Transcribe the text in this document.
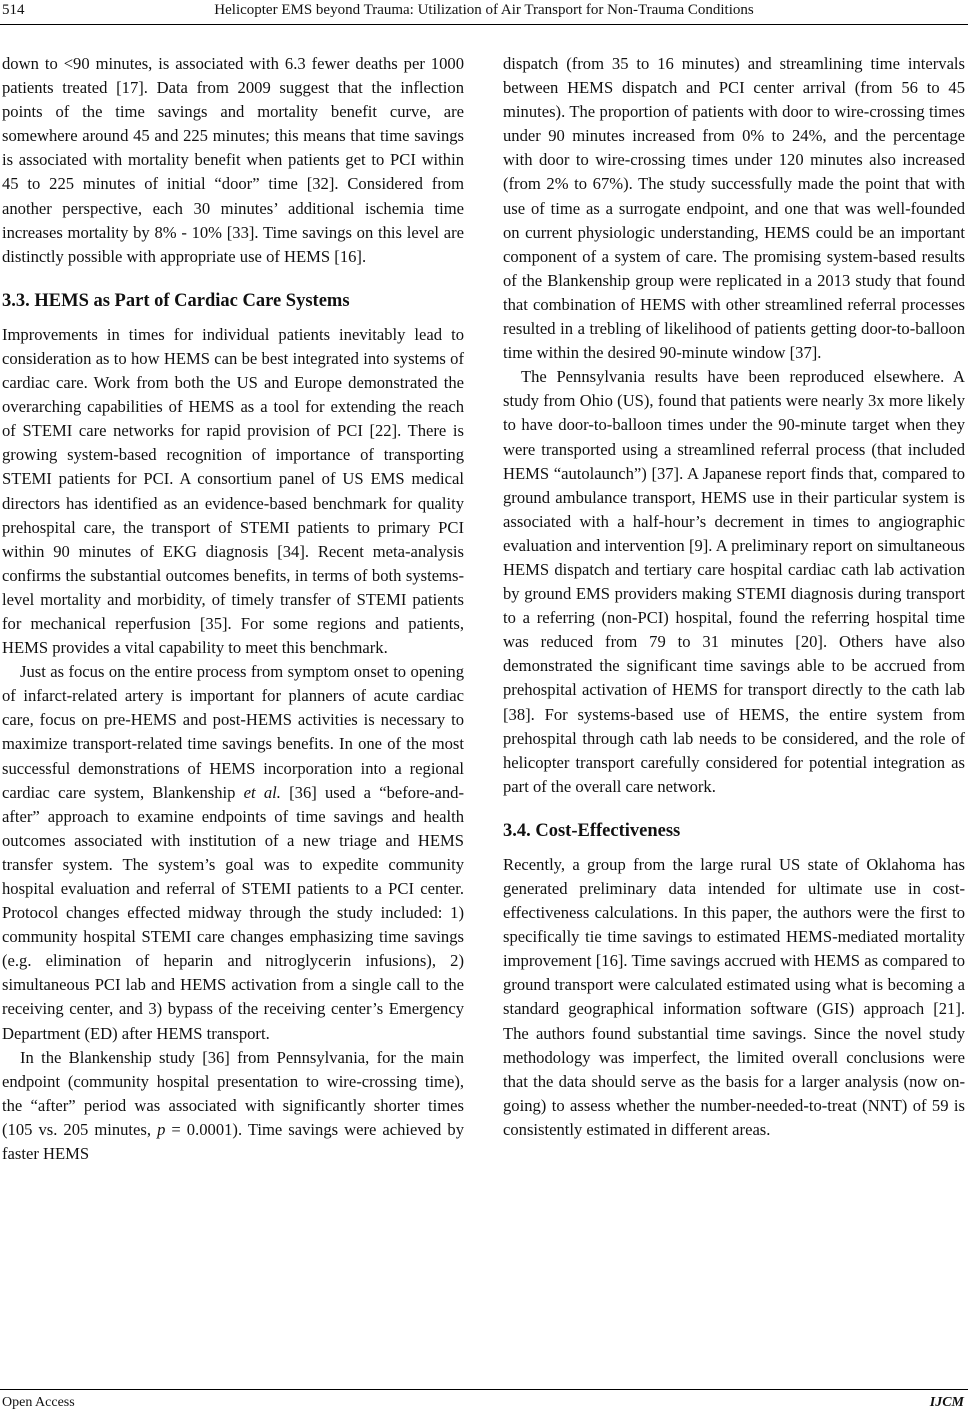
514	Helicopter EMS beyond Trauma: Utilization of Air Transport for Non-Trauma Conditions

down to <90 minutes, is associated with 6.3 fewer deaths per 1000 patients treated [17]. Data from 2009 suggest that the inflection points of the time savings and mortality benefit curve, are somewhere around 45 and 225 minutes; this means that time savings is associated with mortality benefit when patients get to PCI within 45 to 225 minutes of initial “door” time [32]. Considered from another perspective, each 30 minutes’ additional ischemia time increases mortality by 8% - 10% [33]. Time savings on this level are distinctly possible with appropriate use of HEMS [16].

3.3. HEMS as Part of Cardiac Care Systems

Improvements in times for individual patients inevitably lead to consideration as to how HEMS can be best integrated into systems of cardiac care. Work from both the US and Europe demonstrated the overarching capabilities of HEMS as a tool for extending the reach of STEMI care networks for rapid provision of PCI [22]. There is growing system-based recognition of importance of transporting STEMI patients for PCI. A consortium panel of US EMS medical directors has identified as an evidence-based benchmark for quality prehospital care, the transport of STEMI patients to primary PCI within 90 minutes of EKG diagnosis [34]. Recent meta-analysis confirms the substantial outcomes benefits, in terms of both systems-level mortality and morbidity, of timely transfer of STEMI patients for mechanical reperfusion [35]. For some regions and patients, HEMS provides a vital capability to meet this benchmark.

Just as focus on the entire process from symptom onset to opening of infarct-related artery is important for planners of acute cardiac care, focus on pre-HEMS and post-HEMS activities is necessary to maximize transport-related time savings benefits. In one of the most successful demonstrations of HEMS incorporation into a regional cardiac care system, Blankenship et al. [36] used a “before-and-after” approach to examine endpoints of time savings and health outcomes associated with institution of a new triage and HEMS transfer system. The system’s goal was to expedite community hospital evaluation and referral of STEMI patients to a PCI center. Protocol changes effected midway through the study included: 1) community hospital STEMI care changes emphasizing time savings (e.g. elimination of heparin and nitroglycerin infusions), 2) simultaneous PCI lab and HEMS activation from a single call to the receiving center, and 3) bypass of the receiving center’s Emergency Department (ED) after HEMS transport.

In the Blankenship study [36] from Pennsylvania, for the main endpoint (community hospital presentation to wire-crossing time), the “after” period was associated with significantly shorter times (105 vs. 205 minutes, p = 0.0001). Time savings were achieved by faster HEMS

dispatch (from 35 to 16 minutes) and streamlining time intervals between HEMS dispatch and PCI center arrival (from 56 to 45 minutes). The proportion of patients with door to wire-crossing times under 90 minutes increased from 0% to 24%, and the percentage with door to wire-crossing times under 120 minutes also increased (from 2% to 67%). The study successfully made the point that with use of time as a surrogate endpoint, and one that was well-founded on current physiologic understanding, HEMS could be an important component of a system of care. The promising system-based results of the Blankenship group were replicated in a 2013 study that found that combination of HEMS with other streamlined referral processes resulted in a trebling of likelihood of patients getting door-to-balloon time within the desired 90-minute window [37].

The Pennsylvania results have been reproduced elsewhere. A study from Ohio (US), found that patients were nearly 3x more likely to have door-to-balloon times under the 90-minute target when they were transported using a streamlined referral process (that included HEMS “autolaunch”) [37]. A Japanese report finds that, compared to ground ambulance transport, HEMS use in their particular system is associated with a half-hour’s decrement in times to angiographic evaluation and intervention [9]. A preliminary report on simultaneous HEMS dispatch and tertiary care hospital cardiac cath lab activation by ground EMS providers making STEMI diagnosis during transport to a referring (non-PCI) hospital, found the referring hospital time was reduced from 79 to 31 minutes [20]. Others have also demonstrated the significant time savings able to be accrued from prehospital activation of HEMS for transport directly to the cath lab [38]. For systems-based use of HEMS, the entire system from prehospital through cath lab needs to be considered, and the role of helicopter transport carefully considered for potential integration as part of the overall care network.

3.4. Cost-Effectiveness

Recently, a group from the large rural US state of Oklahoma has generated preliminary data intended for ultimate use in cost-effectiveness calculations. In this paper, the authors were the first to specifically tie time savings to estimated HEMS-mediated mortality improvement [16]. Time savings accrued with HEMS as compared to ground transport were calculated estimated using what is becoming a standard geographical information software (GIS) approach [21]. The authors found substantial time savings. Since the novel study methodology was imperfect, the limited overall conclusions were that the data should serve as the basis for a larger analysis (now ongoing) to assess whether the number-needed-to-treat (NNT) of 59 is consistently estimated in different areas.

Open Access	IJCM
